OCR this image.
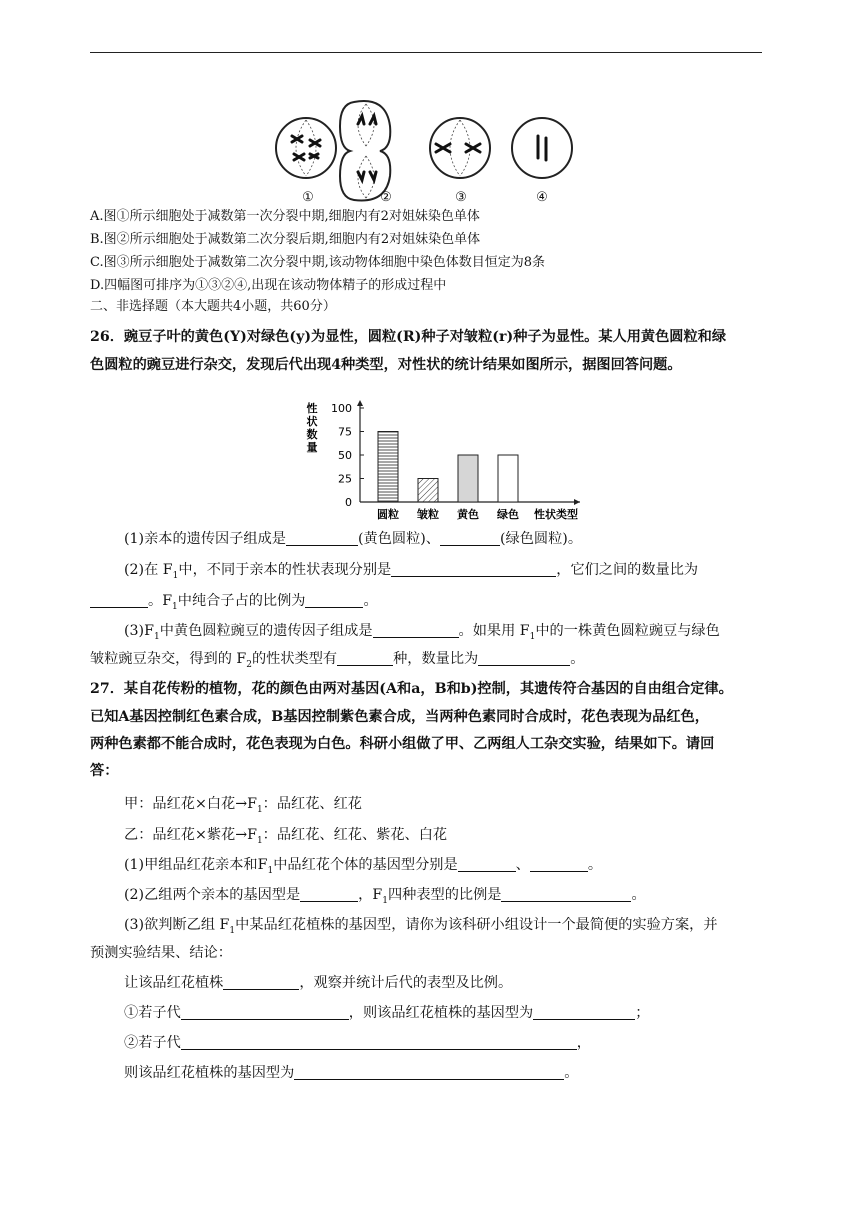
①	②	③	④
A.图①所示细胞处于减数第一次分裂中期,细胞内有2对姐妹染色单体
B.图②所示细胞处于减数第二次分裂后期,细胞内有2对姐妹染色单体
C.图③所示细胞处于减数第二次分裂中期,该动物体细胞中染色体数目恒定为8条
D.四幅图可排序为①③②④,出现在该动物体精子的形成过程中
二、非选择题（本大题共4小题，共60分）
26．豌豆子叶的黄色(Y)对绿色(y)为显性，圆粒(R)种子对皱粒(r)种子为显性。某人用黄色圆粒和绿
色圆粒的豌豆进行杂交，发现后代出现4种类型，对性状的统计结果如图所示，据图回答问题。
0
25
50
75
100
性
状
数
量
圆粒 皱粒 黄色 绿色 性状类型
(1)亲本的遗传因子组成是	(黄色圆粒)、	(绿色圆粒)。
(2)在 $F_1$中，不同于亲本的性状表现分别是	，它们之间的数量比为
。$F_1$中纯合子占的比例为	。
$(3)F_1$中黄色圆粒豌豆的遗传因子组成是	。如果用 $F_1$中的一株黄色圆粒豌豆与绿色
皱粒豌豆杂交，得到的 $F_2$的性状类型有	种，数量比为	。
27．某自花传粉的植物，花的颜色由两对基因(A和a，B和b)控制，其遗传符合基因的自由组合定律。
已知A基因控制红色素合成，B基因控制紫色素合成，当两种色素同时合成时，花色表现为品红色，
两种色素都不能合成时，花色表现为白色。科研小组做了甲、乙两组人工杂交实验，结果如下。请回
答：
甲：品红花×白花$\to F_1$：品红花、红花
乙：品红花×紫花$\to F_1$：品红花、红花、紫花、白花
(1)甲组品红花亲本和$F_1$中品红花个体的基因型分别是	、	。
(2)乙组两个亲本的基因型是	，$F_1$四种表型的比例是	。
(3)欲判断乙组 $F_1$中某品红花植株的基因型，请你为该科研小组设计一个最简便的实验方案，并
预测实验结果、结论：
让该品红花植株	，观察并统计后代的表型及比例。
①若子代	，则该品红花植株的基因型为	；
②若子代	，
则该品红花植株的基因型为	。
